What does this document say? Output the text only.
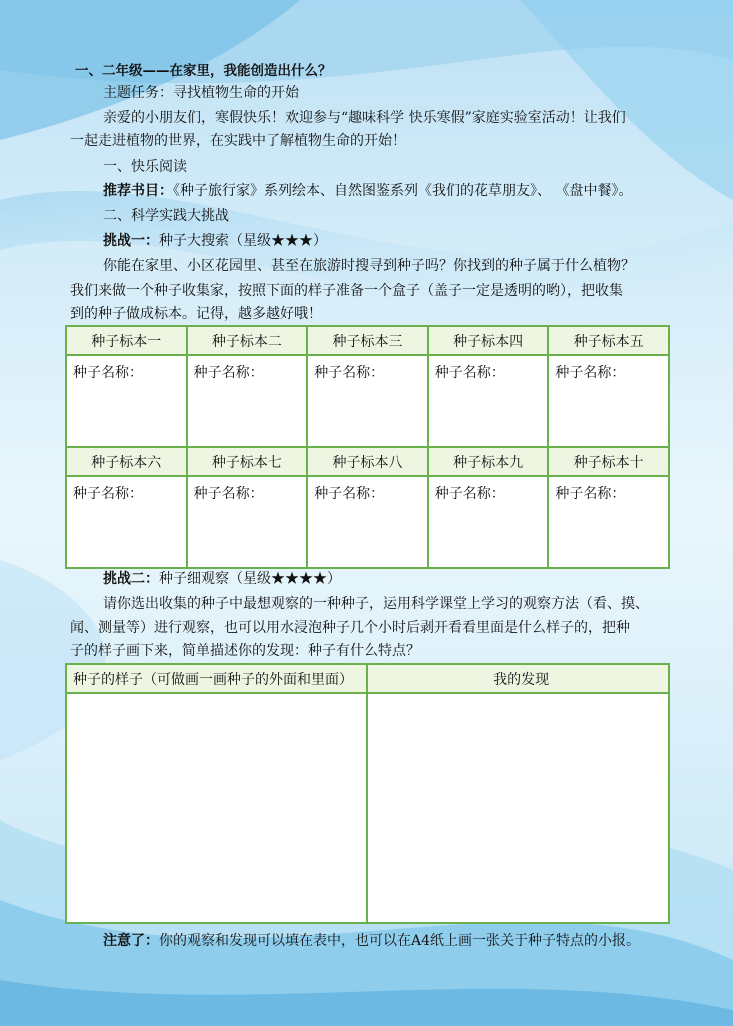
一、二年级——在家里，我能创造出什么？
主题任务：寻找植物生命的开始
亲爱的小朋友们，寒假快乐！欢迎参与“趣味科学 快乐寒假”家庭实验室活动！让我们
一起走进植物的世界，在实践中了解植物生命的开始！
一、快乐阅读
推荐书目：《种子旅行家》系列绘本、自然图鉴系列《我们的花草朋友》、 《盘中餐》。
二、科学实践大挑战
挑战一：种子大搜索（星级★★★）
你能在家里、小区花园里、甚至在旅游时搜寻到种子吗？你找到的种子属于什么植物？
我们来做一个种子收集家，按照下面的样子准备一个盒子（盖子一定是透明的哟），把收集
到的种子做成标本。记得，越多越好哦！
种子标本一	种子标本二	种子标本三	种子标本四	种子标本五
种子名称：	种子名称：	种子名称：	种子名称：	种子名称：
种子标本六	种子标本七	种子标本八	种子标本九	种子标本十
种子名称：	种子名称：	种子名称：	种子名称：	种子名称：
挑战二：种子细观察（星级★★★★）
请你选出收集的种子中最想观察的一种种子，运用科学课堂上学习的观察方法（看、摸、
闻、测量等）进行观察，也可以用水浸泡种子几个小时后剥开看看里面是什么样子的，把种
子的样子画下来，简单描述你的发现：种子有什么特点？
种子的样子（可做画一画种子的外面和里面）	我的发现

注意了：你的观察和发现可以填在表中，也可以在A4纸上画一张关于种子特点的小报。
